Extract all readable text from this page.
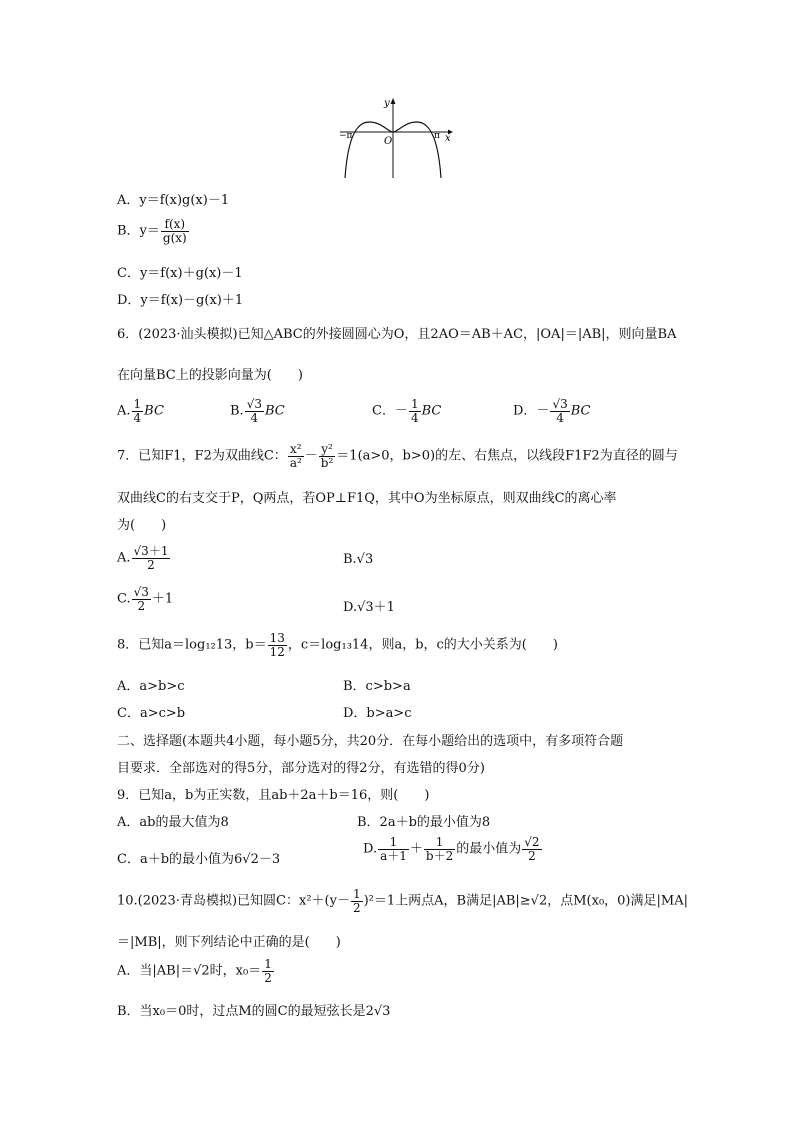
y
x
O
−π	π
A．y＝f(x)g(x)－1
B．$y= \frac{f(x)}{g(x)}$
C．y＝f(x)＋g(x)－1
D．y＝f(x)－g(x)＋1
6．(2023·汕头模拟)已知△ABC的外接圆圆心为O，且2AO＝AB＋AC，|OA|＝|AB|，则向量BA
在向量BC上的投影向量为(　　)
A. $\frac{1}{4}$ BC	B. $\frac{√3}{4}$ BC	C．－ $\frac{1}{4}$ BC	D．－ $\frac{√3}{4}$ BC
7．已知F1，F2为双曲线C： $\frac{\text{x²}}{\text{a²}} - \frac{\text{y²}}{\text{b²}} =1(a>0$，b>0)的左、右焦点，以线段F1F2为直径的圆与
双曲线C的右支交于P，Q两点，若OP⊥F1Q，其中O为坐标原点，则双曲线C的离心率
为(　　)
A. $\frac{√3+1}{2}$	B.√3
C. $\frac{√3}{2} +1$
D.√3＋1
8．已知a＝log₁₂13，$b= \frac{13}{12}$ ，c＝log₁₃14，则a，b，c的大小关系为(　　)
A．a>b>c	B．c>b>a
C．a>c>b	D．b>a>c
二、选择题(本题共4小题，每小题5分，共20分．在每小题给出的选项中，有多项符合题
目要求．全部选对的得5分，部分选对的得2分，有选错的得0分)
9．已知a，b为正实数，且ab＋2a＋b＝16，则(　　)
A．ab的最大值为8	B．2a＋b的最小值为8
C．a＋b的最小值为6√2－3
D. $\frac{1}{a+1} + \frac{1}{b+2}$ 的最小值为 $\frac{√2}{2}$
10.(2023·青岛模拟)已知圆C：$x^2+(y- \frac{1}{2} )^2=1$上两点A，B满足|AB|≥√2，点M(x₀，0)满足|MA|
＝|MB|，则下列结论中正确的是(　　)
A．当|AB|＝√2时，$x_0= \frac{1}{2}$
B．当x₀＝0时，过点M的圆C的最短弦长是2√3
